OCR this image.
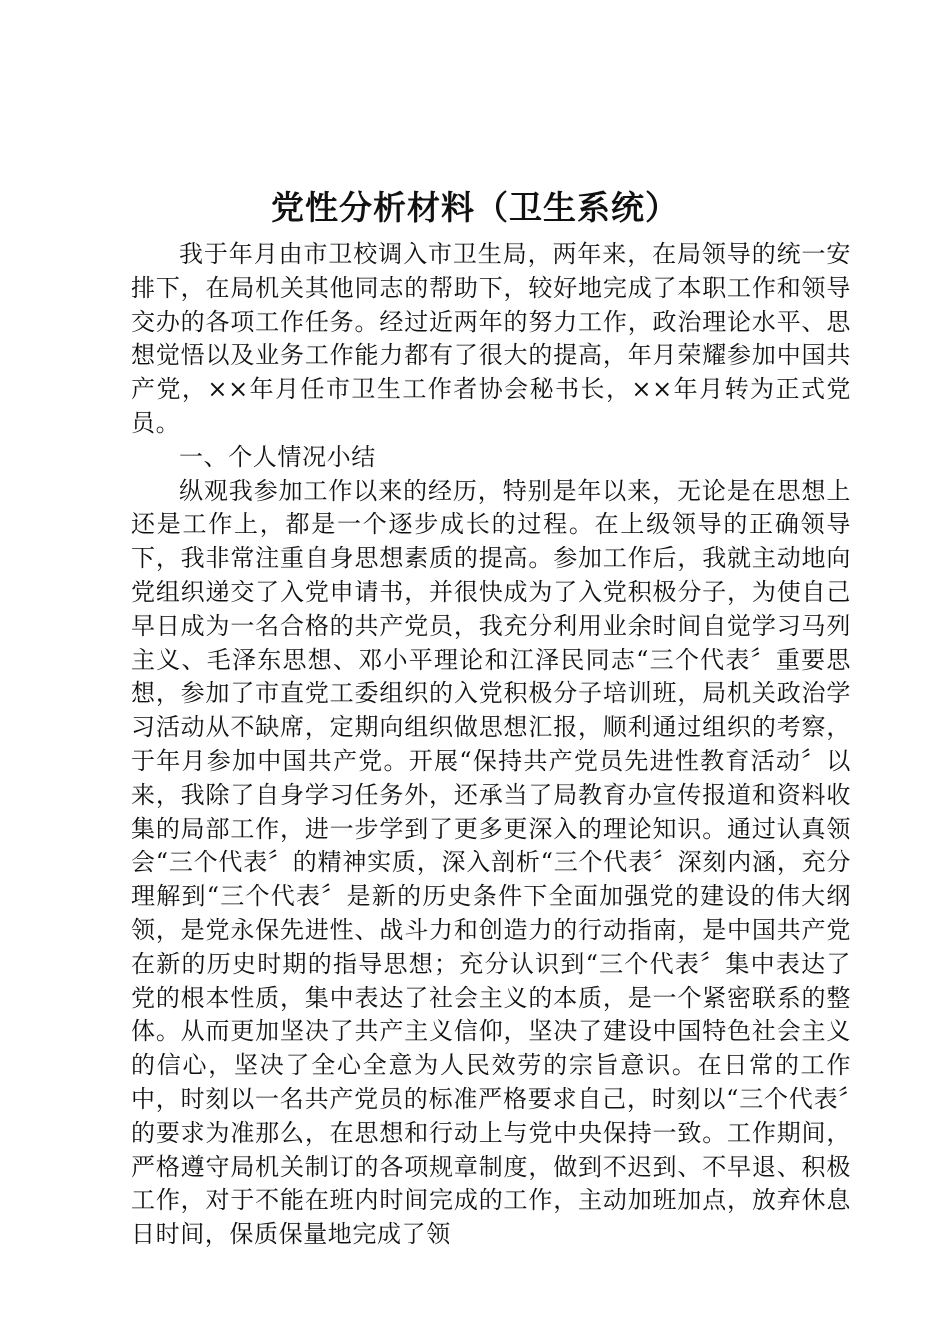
党性分析材料（卫生系统）

我于年月由市卫校调入市卫生局，两年来，在局领导的统一安排下，在局机关其他同志的帮助下，较好地完成了本职工作和领导交办的各项工作任务。经过近两年的努力工作，政治理论水平、思想觉悟以及业务工作能力都有了很大的提高，年月荣耀参加中国共产党，××年月任市卫生工作者协会秘书长，××年月转为正式党员。

一、个人情况小结

纵观我参加工作以来的经历，特别是年以来，无论是在思想上还是工作上，都是一个逐步成长的过程。在上级领导的正确领导下，我非常注重自身思想素质的提高。参加工作后，我就主动地向党组织递交了入党申请书，并很快成为了入党积极分子，为使自己早日成为一名合格的共产党员，我充分利用业余时间自觉学习马列主义、毛泽东思想、邓小平理论和江泽民同志“三个代表〞重要思想，参加了市直党工委组织的入党积极分子培训班，局机关政治学习活动从不缺席，定期向组织做思想汇报，顺利通过组织的考察，于年月参加中国共产党。开展“保持共产党员先进性教育活动〞以来，我除了自身学习任务外，还承当了局教育办宣传报道和资料收集的局部工作，进一步学到了更多更深入的理论知识。通过认真领会“三个代表〞的精神实质，深入剖析“三个代表〞深刻内涵，充分理解到“三个代表〞是新的历史条件下全面加强党的建设的伟大纲领，是党永保先进性、战斗力和创造力的行动指南，是中国共产党在新的历史时期的指导思想；充分认识到“三个代表〞集中表达了党的根本性质，集中表达了社会主义的本质，是一个紧密联系的整体。从而更加坚决了共产主义信仰，坚决了建设中国特色社会主义的信心，坚决了全心全意为人民效劳的宗旨意识。在日常的工作中，时刻以一名共产党员的标准严格要求自己，时刻以“三个代表〞的要求为准那么，在思想和行动上与党中央保持一致。工作期间，严格遵守局机关制订的各项规章制度，做到不迟到、不早退、积极工作，对于不能在班内时间完成的工作，主动加班加点，放弃休息日时间，保质保量地完成了领
